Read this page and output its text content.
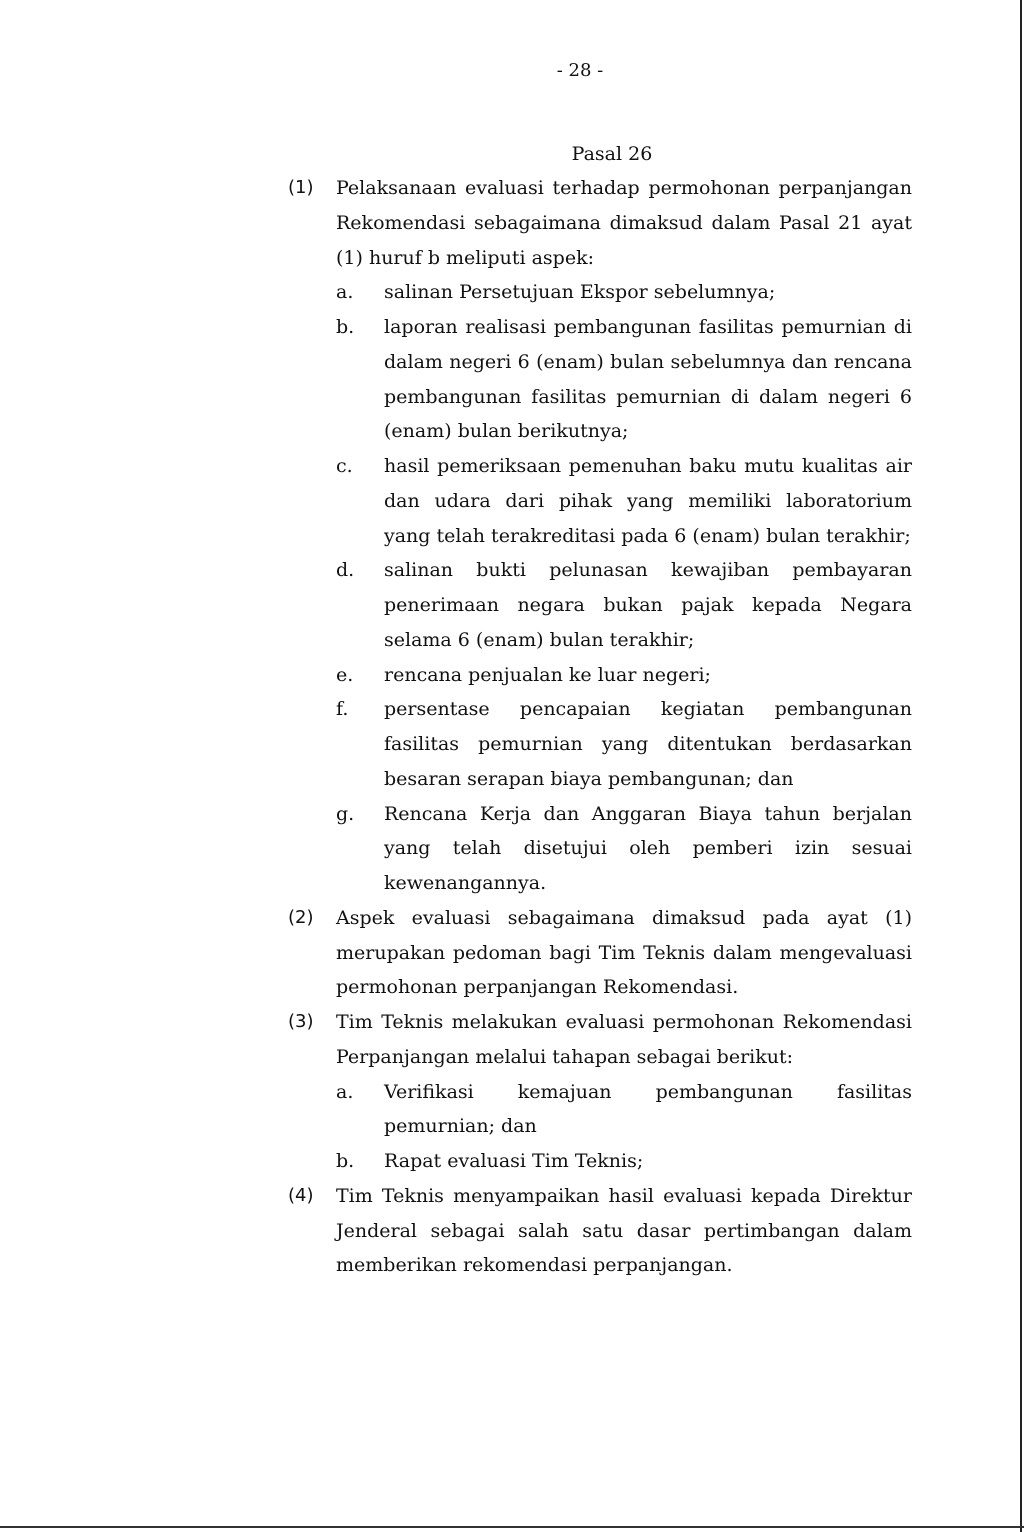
- 28 -
Pasal 26
(1) Pelaksanaan evaluasi terhadap permohonan perpanjangan Rekomendasi sebagaimana dimaksud dalam Pasal 21 ayat (1) huruf b meliputi aspek:
a. salinan Persetujuan Ekspor sebelumnya;
b. laporan realisasi pembangunan fasilitas pemurnian di dalam negeri 6 (enam) bulan sebelumnya dan rencana pembangunan fasilitas pemurnian di dalam negeri 6 (enam) bulan berikutnya;
c. hasil pemeriksaan pemenuhan baku mutu kualitas air dan udara dari pihak yang memiliki laboratorium yang telah terakreditasi pada 6 (enam) bulan terakhir;
d. salinan bukti pelunasan kewajiban pembayaran penerimaan negara bukan pajak kepada Negara selama 6 (enam) bulan terakhir;
e. rencana penjualan ke luar negeri;
f. persentase pencapaian kegiatan pembangunan fasilitas pemurnian yang ditentukan berdasarkan besaran serapan biaya pembangunan; dan
g. Rencana Kerja dan Anggaran Biaya tahun berjalan yang telah disetujui oleh pemberi izin sesuai kewenangannya.
(2) Aspek evaluasi sebagaimana dimaksud pada ayat (1) merupakan pedoman bagi Tim Teknis dalam mengevaluasi permohonan perpanjangan Rekomendasi.
(3) Tim Teknis melakukan evaluasi permohonan Rekomendasi Perpanjangan melalui tahapan sebagai berikut:
a. Verifikasi kemajuan pembangunan fasilitas pemurnian; dan
b. Rapat evaluasi Tim Teknis;
(4) Tim Teknis menyampaikan hasil evaluasi kepada Direktur Jenderal sebagai salah satu dasar pertimbangan dalam memberikan rekomendasi perpanjangan.
